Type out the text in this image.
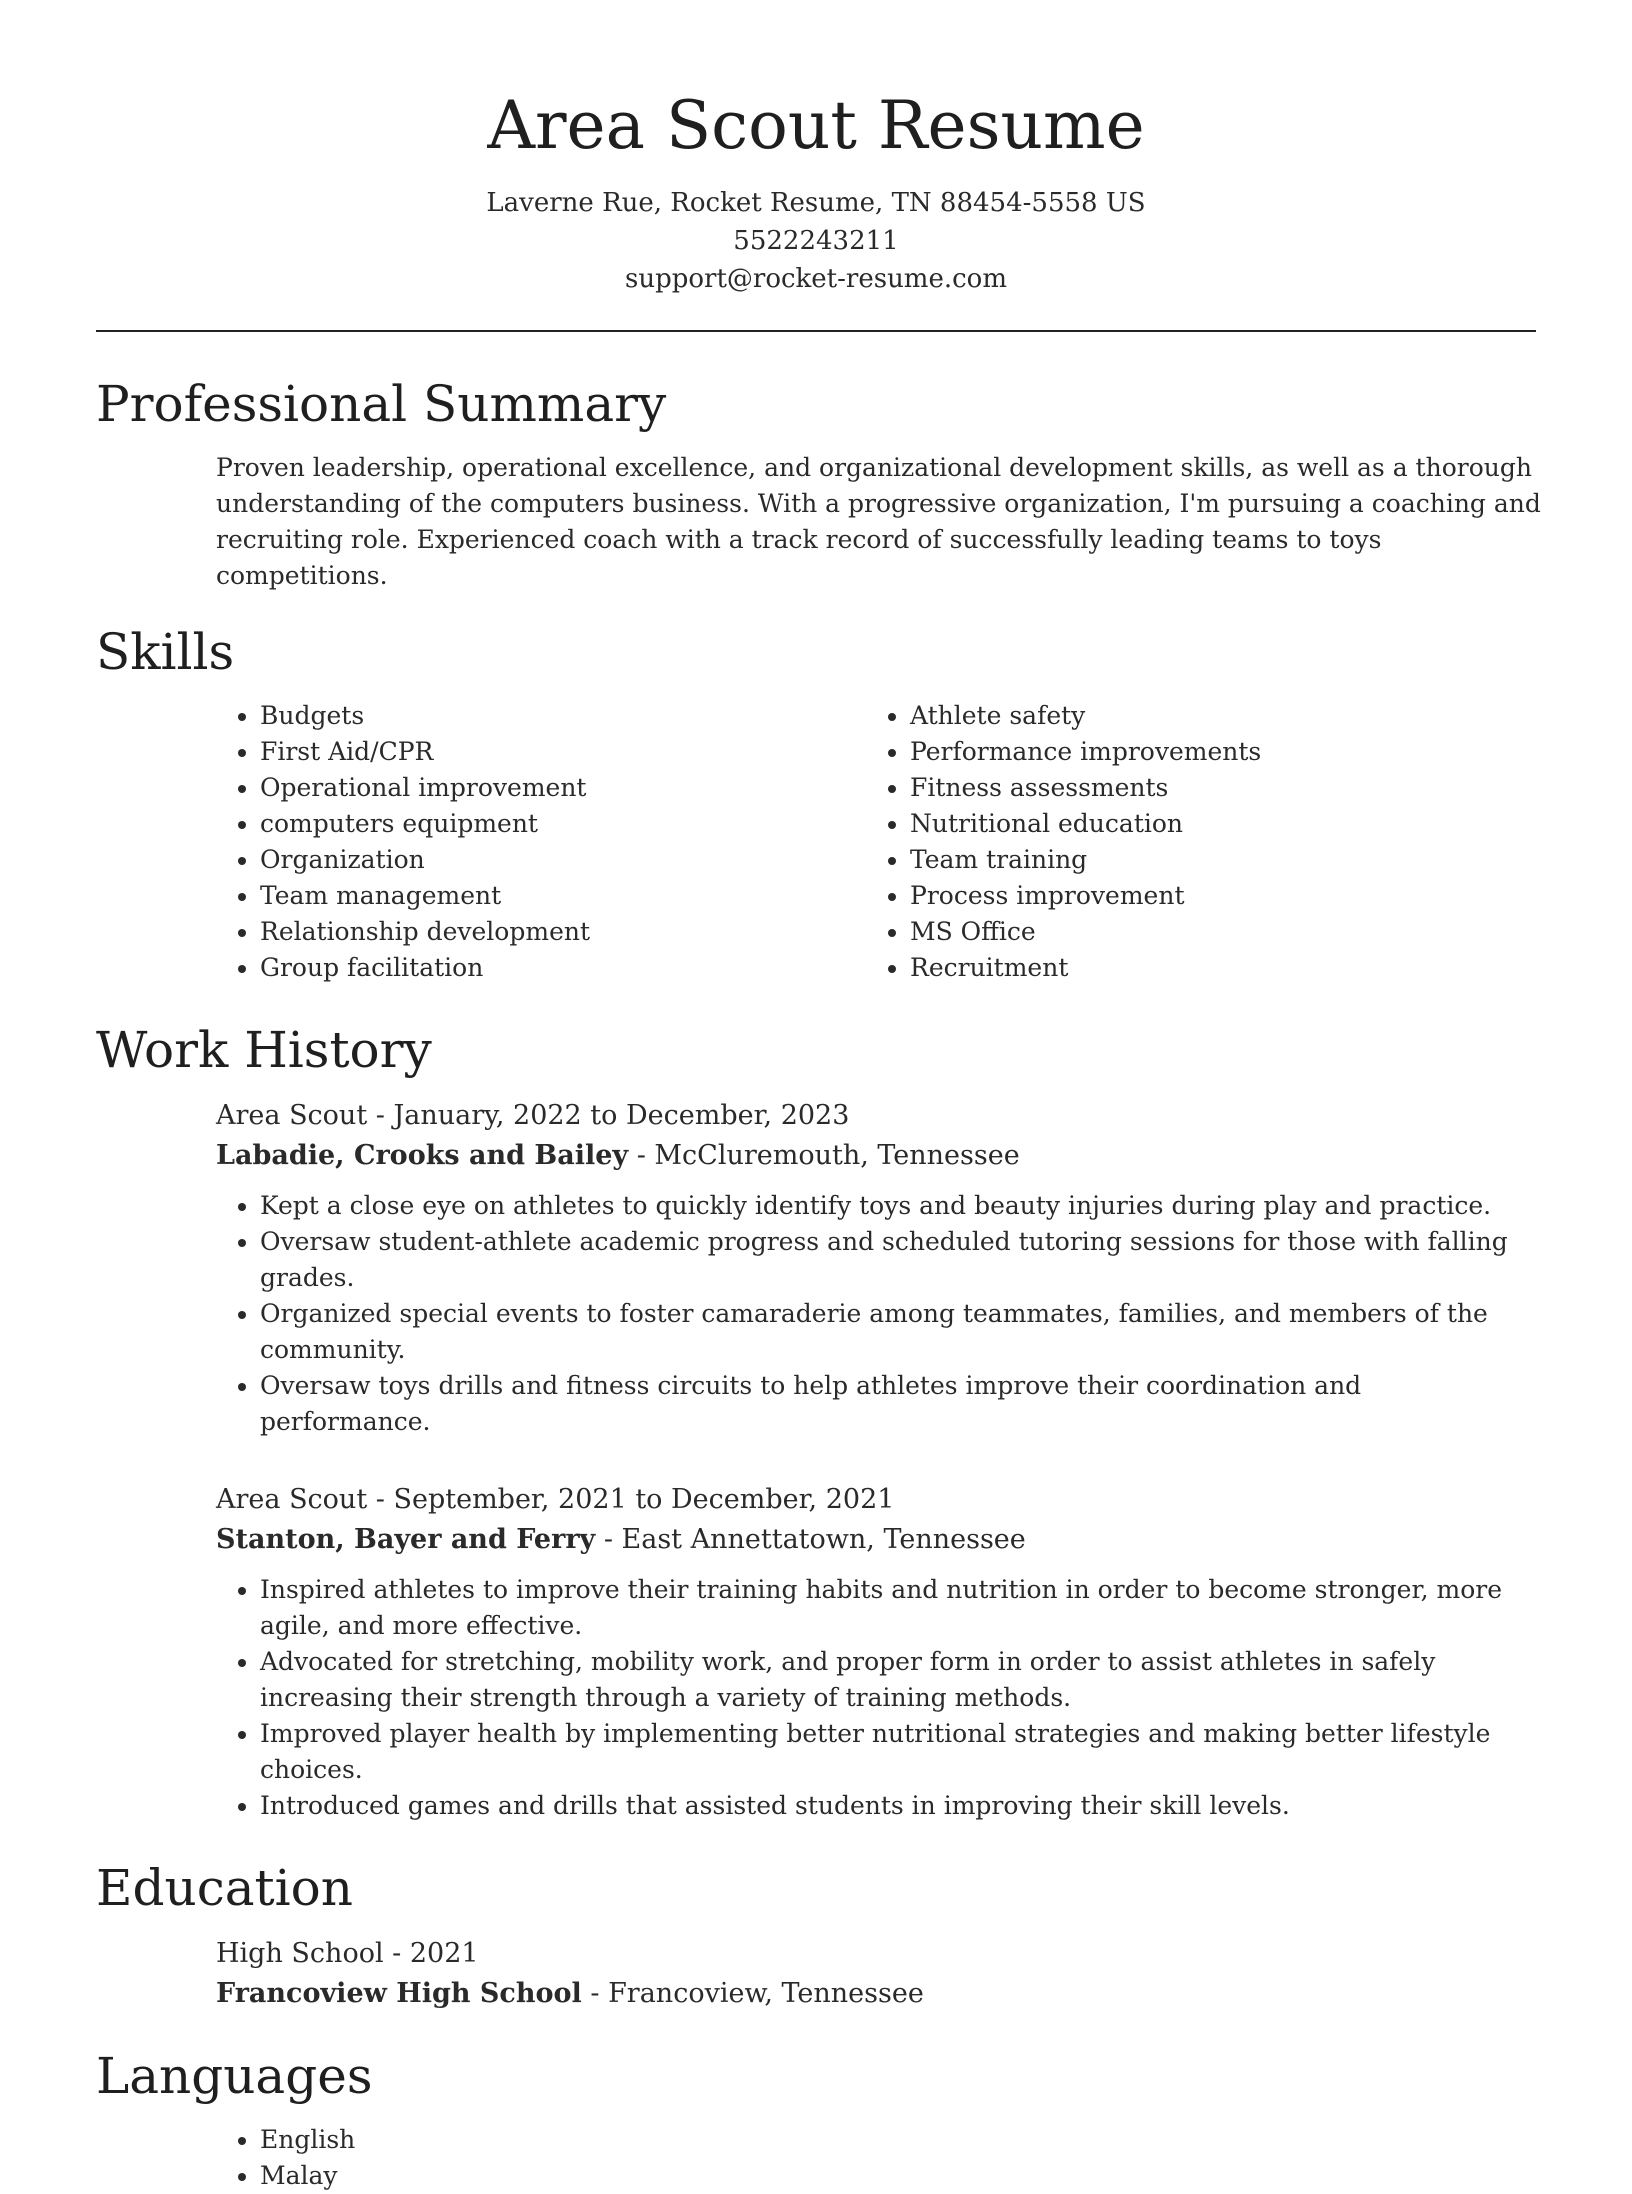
Area Scout Resume
Laverne Rue, Rocket Resume, TN 88454-5558 US
5522243211
support@rocket-resume.com
Professional Summary
Proven leadership, operational excellence, and organizational development skills, as well as a thorough understanding of the computers business. With a progressive organization, I'm pursuing a coaching and recruiting role. Experienced coach with a track record of successfully leading teams to toys competitions.
Skills
• Budgets
• First Aid/CPR
• Operational improvement
• computers equipment
• Organization
• Team management
• Relationship development
• Group facilitation
• Athlete safety
• Performance improvements
• Fitness assessments
• Nutritional education
• Team training
• Process improvement
• MS Office
• Recruitment
Work History
Area Scout - January, 2022 to December, 2023
Labadie, Crooks and Bailey - McCluremouth, Tennessee
• Kept a close eye on athletes to quickly identify toys and beauty injuries during play and practice.
• Oversaw student-athlete academic progress and scheduled tutoring sessions for those with falling grades.
• Organized special events to foster camaraderie among teammates, families, and members of the community.
• Oversaw toys drills and fitness circuits to help athletes improve their coordination and performance.
Area Scout - September, 2021 to December, 2021
Stanton, Bayer and Ferry - East Annettatown, Tennessee
• Inspired athletes to improve their training habits and nutrition in order to become stronger, more agile, and more effective.
• Advocated for stretching, mobility work, and proper form in order to assist athletes in safely increasing their strength through a variety of training methods.
• Improved player health by implementing better nutritional strategies and making better lifestyle choices.
• Introduced games and drills that assisted students in improving their skill levels.
Education
High School - 2021
Francoview High School - Francoview, Tennessee
Languages
• English
• Malay
